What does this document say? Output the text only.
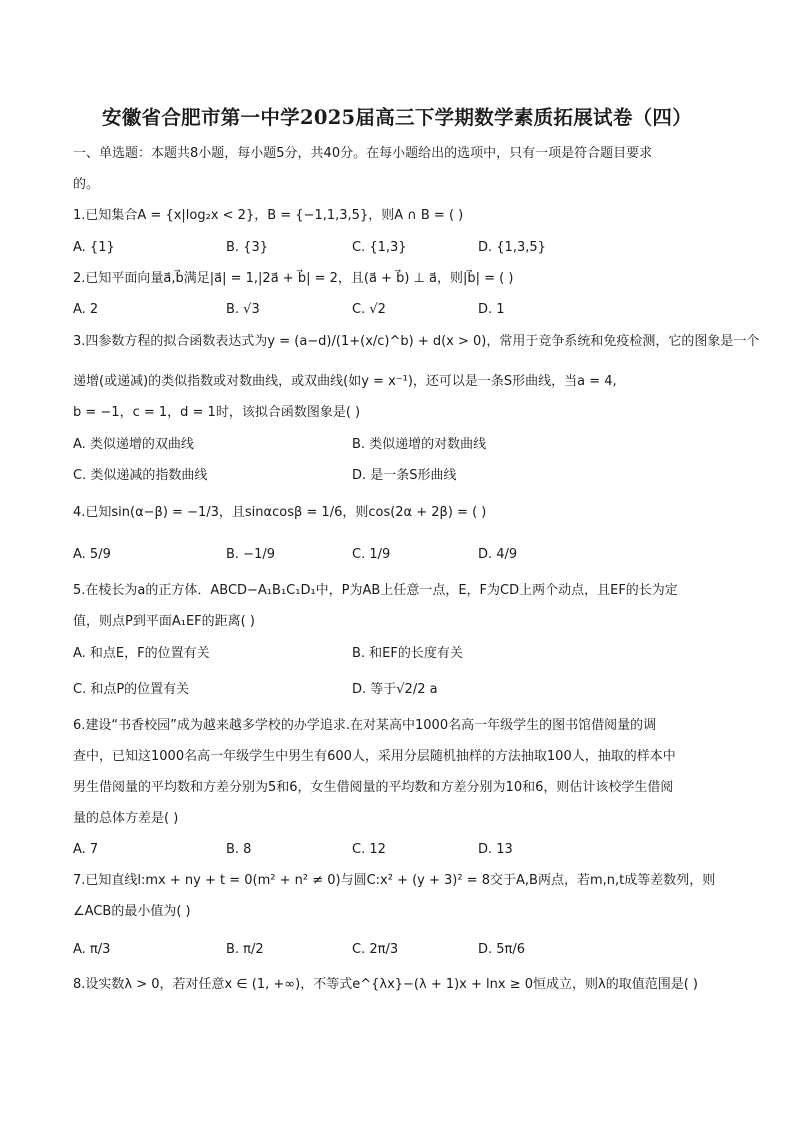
安徽省合肥市第一中学2025届高三下学期数学素质拓展试卷（四）
一、单选题：本题共8小题，每小题5分，共40分。在每小题给出的选项中，只有一项是符合题目要求
的。
1.已知集合A = {x|log₂x < 2}，B = {−1,1,3,5}，则A ∩ B = ( )
A. {1}	B. {3}	C. {1,3}	D. {1,3,5}
2.已知平面向量a⃗,b⃗满足|a⃗| = 1,|2a⃗ + b⃗| = 2，且(a⃗ + b⃗) ⊥ a⃗，则|b⃗| = ( )
A. 2	B. √3	C. √2	D. 1
3.四参数方程的拟合函数表达式为y = (a−d)/(1+(x/c)^b) + d(x > 0)，常用于竞争系统和免疫检测，它的图象是一个
递增(或递减)的类似指数或对数曲线，或双曲线(如y = x⁻¹)，还可以是一条S形曲线，当a = 4,
b = −1，c = 1，d = 1时，该拟合函数图象是( )
A. 类似递增的双曲线	B. 类似递增的对数曲线
C. 类似递减的指数曲线	D. 是一条S形曲线
4.已知sin(α−β) = −1/3，且sinαcosβ = 1/6，则cos(2α + 2β) = ( )
A. 5/9	B. −1/9	C. 1/9	D. 4/9
5.在棱长为a的正方体．ABCD−A₁B₁C₁D₁中，P为AB上任意一点，E，F为CD上两个动点，且EF的长为定
值，则点P到平面A₁EF的距离( )
A. 和点E，F的位置有关	B. 和EF的长度有关
C. 和点P的位置有关	D. 等于√2/2 a
6.建设“书香校园”成为越来越多学校的办学追求.在对某高中1000名高一年级学生的图书馆借阅量的调
查中，已知这1000名高一年级学生中男生有600人，采用分层随机抽样的方法抽取100人，抽取的样本中
男生借阅量的平均数和方差分别为5和6，女生借阅量的平均数和方差分别为10和6，则估计该校学生借阅
量的总体方差是( )
A. 7	B. 8	C. 12	D. 13
7.已知直线l:mx + ny + t = 0(m² + n² ≠ 0)与圆C:x² + (y + 3)² = 8交于A,B两点，若m,n,t成等差数列，则
∠ACB的最小值为( )
A. π/3	B. π/2	C. 2π/3	D. 5π/6
8.设实数λ > 0，若对任意x ∈ (1, +∞)，不等式e^{λx}−(λ + 1)x + lnx ≥ 0恒成立，则λ的取值范围是( )
